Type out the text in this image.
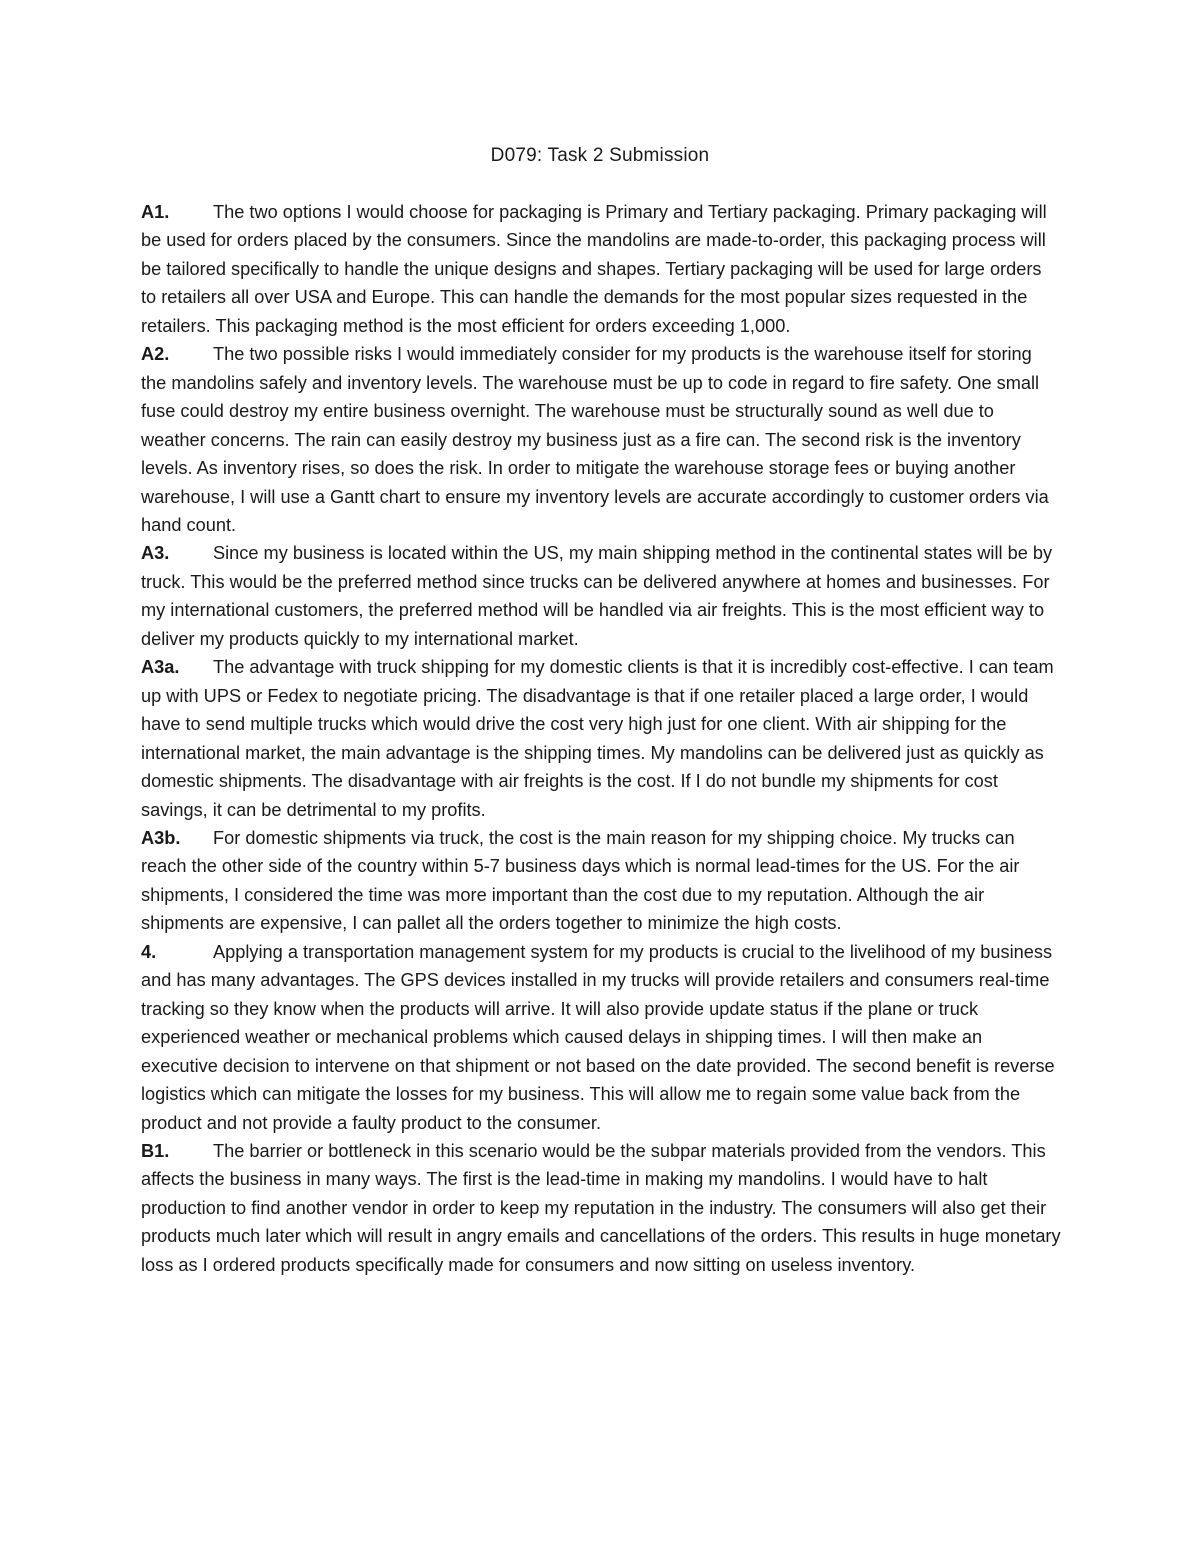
D079: Task 2 Submission

A1. The two options I would choose for packaging is Primary and Tertiary packaging. Primary packaging will be used for orders placed by the consumers. Since the mandolins are made-to-order, this packaging process will be tailored specifically to handle the unique designs and shapes. Tertiary packaging will be used for large orders to retailers all over USA and Europe. This can handle the demands for the most popular sizes requested in the retailers. This packaging method is the most efficient for orders exceeding 1,000.

A2. The two possible risks I would immediately consider for my products is the warehouse itself for storing the mandolins safely and inventory levels. The warehouse must be up to code in regard to fire safety. One small fuse could destroy my entire business overnight. The warehouse must be structurally sound as well due to weather concerns. The rain can easily destroy my business just as a fire can. The second risk is the inventory levels. As inventory rises, so does the risk. In order to mitigate the warehouse storage fees or buying another warehouse, I will use a Gantt chart to ensure my inventory levels are accurate accordingly to customer orders via hand count.

A3. Since my business is located within the US, my main shipping method in the continental states will be by truck. This would be the preferred method since trucks can be delivered anywhere at homes and businesses. For my international customers, the preferred method will be handled via air freights. This is the most efficient way to deliver my products quickly to my international market.

A3a. The advantage with truck shipping for my domestic clients is that it is incredibly cost-effective. I can team up with UPS or Fedex to negotiate pricing. The disadvantage is that if one retailer placed a large order, I would have to send multiple trucks which would drive the cost very high just for one client. With air shipping for the international market, the main advantage is the shipping times. My mandolins can be delivered just as quickly as domestic shipments. The disadvantage with air freights is the cost. If I do not bundle my shipments for cost savings, it can be detrimental to my profits.

A3b. For domestic shipments via truck, the cost is the main reason for my shipping choice. My trucks can reach the other side of the country within 5-7 business days which is normal lead-times for the US. For the air shipments, I considered the time was more important than the cost due to my reputation. Although the air shipments are expensive, I can pallet all the orders together to minimize the high costs.

4.	Applying a transportation management system for my products is crucial to the livelihood of my business and has many advantages. The GPS devices installed in my trucks will provide retailers and consumers real-time tracking so they know when the products will arrive. It will also provide update status if the plane or truck experienced weather or mechanical problems which caused delays in shipping times. I will then make an executive decision to intervene on that shipment or not based on the date provided. The second benefit is reverse logistics which can mitigate the losses for my business. This will allow me to regain some value back from the product and not provide a faulty product to the consumer.

B1. The barrier or bottleneck in this scenario would be the subpar materials provided from the vendors. This affects the business in many ways. The first is the lead-time in making my mandolins. I would have to halt production to find another vendor in order to keep my reputation in the industry. The consumers will also get their products much later which will result in angry emails and cancellations of the orders. This results in huge monetary loss as I ordered products specifically made for consumers and now sitting on useless inventory.
